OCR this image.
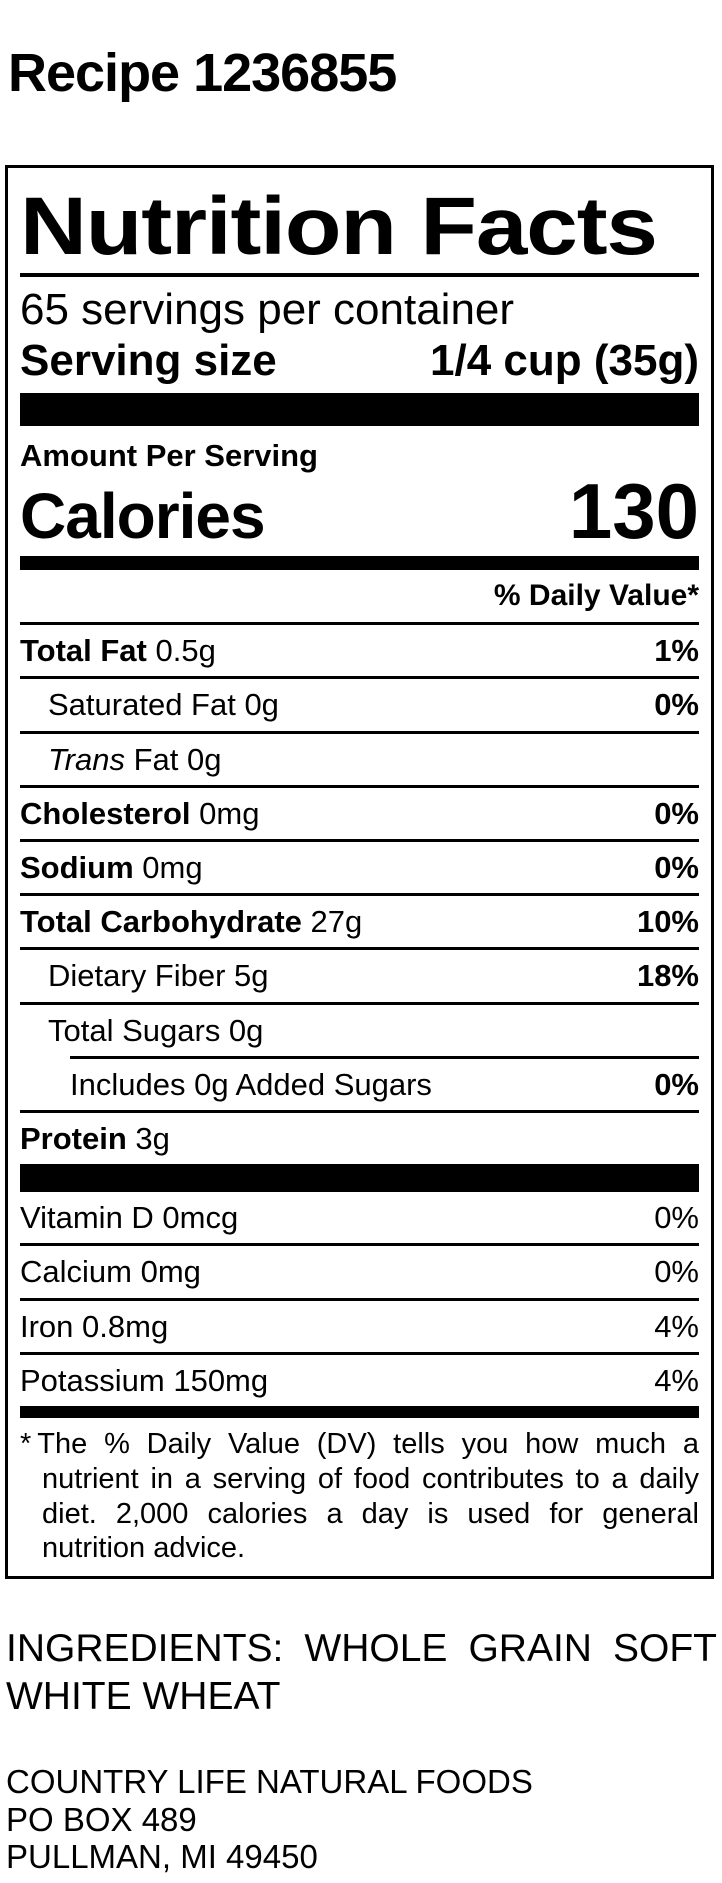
Recipe 1236855
Nutrition Facts
65 servings per container
Serving size	1/4 cup (35g)
Amount Per Serving
Calories	130
% Daily Value*
Total Fat 0.5g	1%
Saturated Fat 0g	0%
Trans Fat 0g
Cholesterol 0mg	0%
Sodium 0mg	0%
Total Carbohydrate 27g	10%
Dietary Fiber 5g	18%
Total Sugars 0g
Includes 0g Added Sugars	0%
Protein 3g
Vitamin D 0mcg	0%
Calcium 0mg	0%
Iron 0.8mg	4%
Potassium 150mg	4%

* The % Daily Value (DV) tells you how much a nutrient in a serving of food contributes to a daily diet. 2,000 calories a day is used for general nutrition advice.

INGREDIENTS: WHOLE GRAIN SOFT WHITE WHEAT

COUNTRY LIFE NATURAL FOODS
PO BOX 489
PULLMAN, MI 49450
